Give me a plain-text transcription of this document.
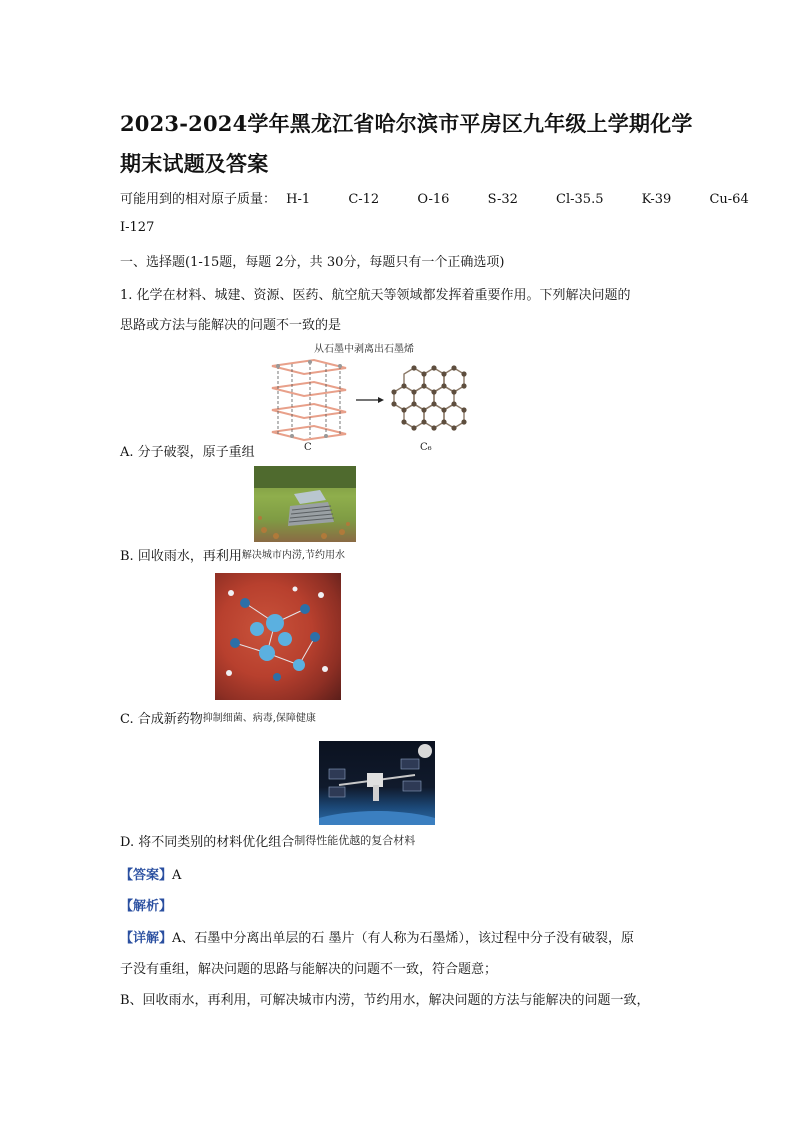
2023-2024学年黑龙江省哈尔滨市平房区九年级上学期化学
期末试题及答案
可能用到的相对原子质量： H-1	C-12	O-16	S-32	Cl-35.5	K-39	Cu-64
I-127
一、选择题(1-15题，每题 2分，共 30分，每题只有一个正确选项)
1. 化学在材料、城建、资源、医药、航空航天等领域都发挥着重要作用。下列解决问题的
思路或方法与能解决的问题不一致的是
从石墨中剥离出石墨烯
C	C₆
A. 分子破裂，原子重组
B. 回收雨水，再利用解决城市内涝,节约用水
C. 合成新药物抑制细菌、病毒,保障健康
D. 将不同类别的材料优化组合制得性能优越的复合材料
【答案】A
【解析】
【详解】A、石墨中分离出单层的石 墨片（有人称为石墨烯），该过程中分子没有破裂，原
子没有重组，解决问题的思路与能解决的问题不一致，符合题意；
B、回收雨水，再利用，可解决城市内涝，节约用水，解决问题的方法与能解决的问题一致，
